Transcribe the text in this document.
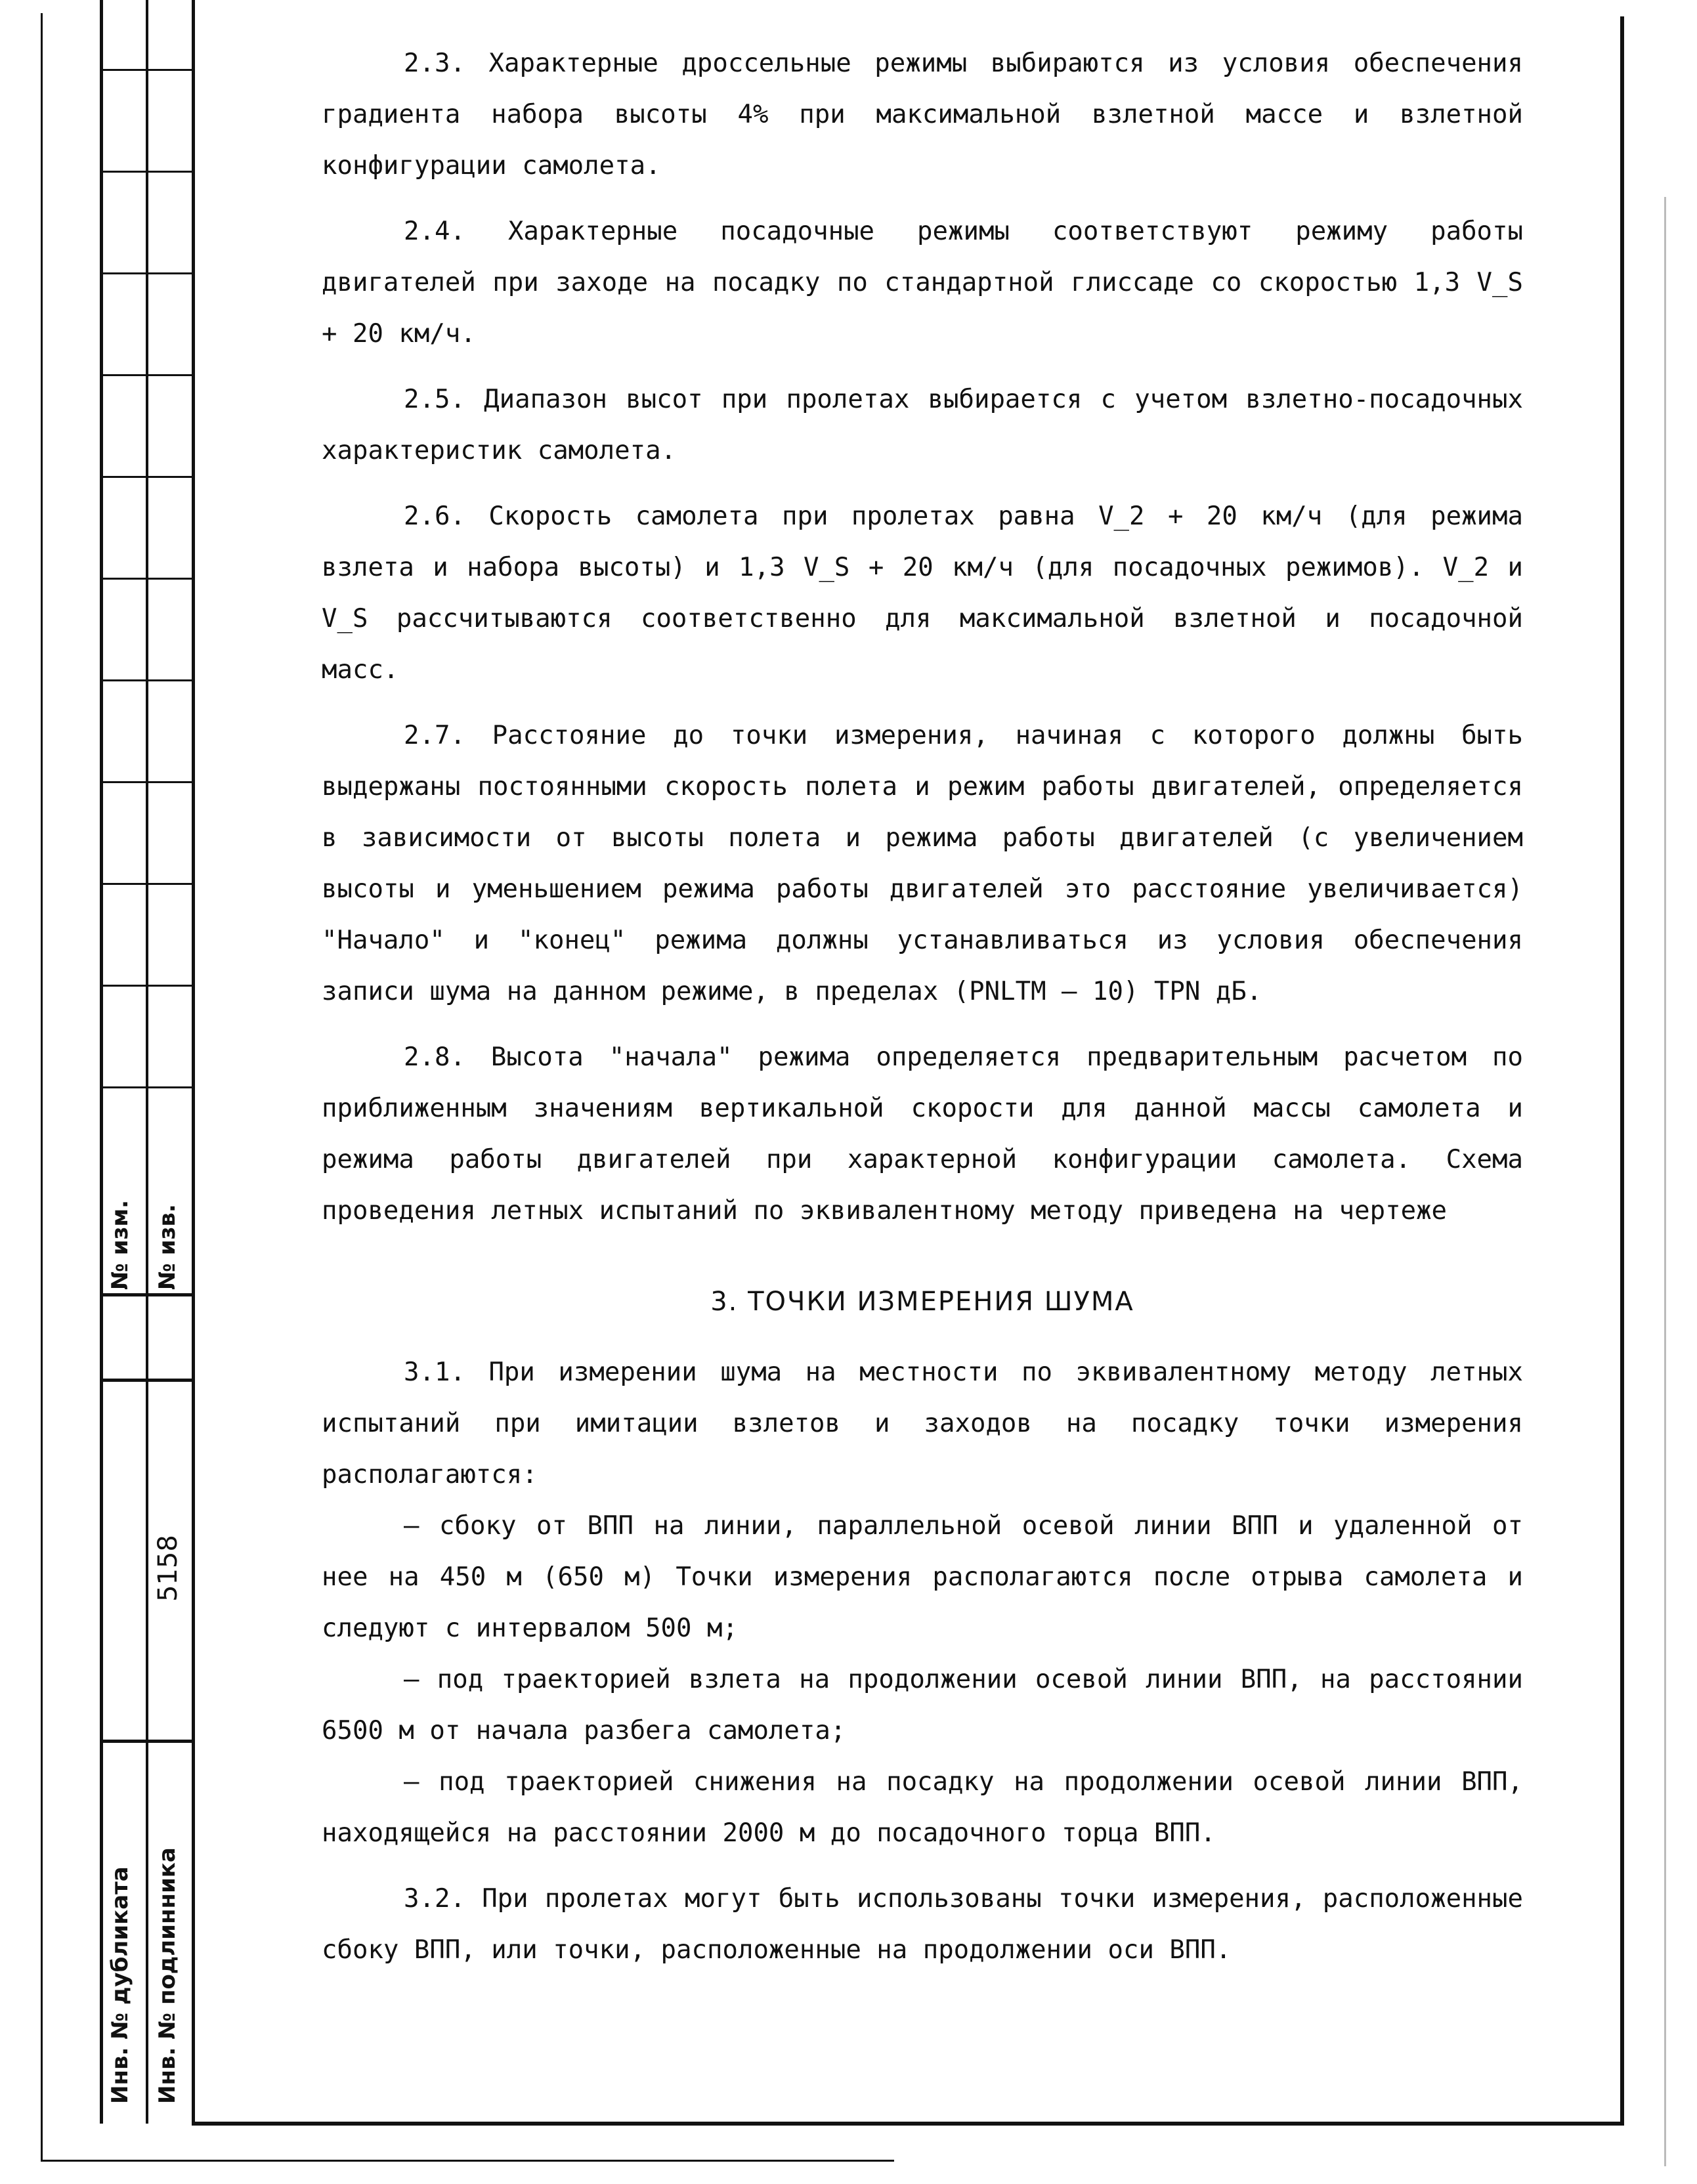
№ изм. № изв.
5158
Инв. № дубликата Инв. № подлинника

2.3. Характерные дроссельные режимы выбираются из условия обеспечения градиента набора высоты 4% при максимальной взлетной массе и взлетной конфигурации самолета.

2.4. Характерные посадочные режимы соответствуют режиму работы двигателей при заходе на посадку по стандартной глиссаде со скоростью 1,3 V_S + 20 км/ч.

2.5. Диапазон высот при пролетах выбирается с учетом взлетно-посадочных характеристик самолета.

2.6. Скорость самолета при пролетах равна V_2 + 20 км/ч (для режима взлета и набора высоты) и 1,3 V_S + 20 км/ч (для посадочных режимов). V_2 и V_S рассчитываются соответственно для максимальной взлетной и посадочной масс.

2.7. Расстояние до точки измерения, начиная с которого должны быть выдержаны постоянными скорость полета и режим работы двигателей, определяется в зависимости от высоты полета и режима работы двигателей (с увеличением высоты и уменьшением режима работы двигателей это расстояние увеличивается) "Начало" и "конец" режима должны устанавливаться из условия обеспечения записи шума на данном режиме, в пределах (PNLTM – 10) TPN дБ.

2.8. Высота "начала" режима определяется предварительным расчетом по приближенным значениям вертикальной скорости для данной массы самолета и режима работы двигателей при характерной конфигурации самолета. Схема проведения летных испытаний по эквивалентному методу приведена на чертеже

3. ТОЧКИ ИЗМЕРЕНИЯ ШУМА

3.1. При измерении шума на местности по эквивалентному методу летных испытаний при имитации взлетов и заходов на посадку точки измерения располагаются:

– сбоку от ВПП на линии, параллельной осевой линии ВПП и удаленной от нее на 450 м (650 м) Точки измерения располагаются после отрыва самолета и следуют с интервалом 500 м;

– под траекторией взлета на продолжении осевой линии ВПП, на расстоянии 6500 м от начала разбега самолета;

– под траекторией снижения на посадку на продолжении осевой линии ВПП, находящейся на расстоянии 2000 м до посадочного торца ВПП.

3.2. При пролетах могут быть использованы точки измерения, расположенные сбоку ВПП, или точки, расположенные на продолжении оси ВПП.
